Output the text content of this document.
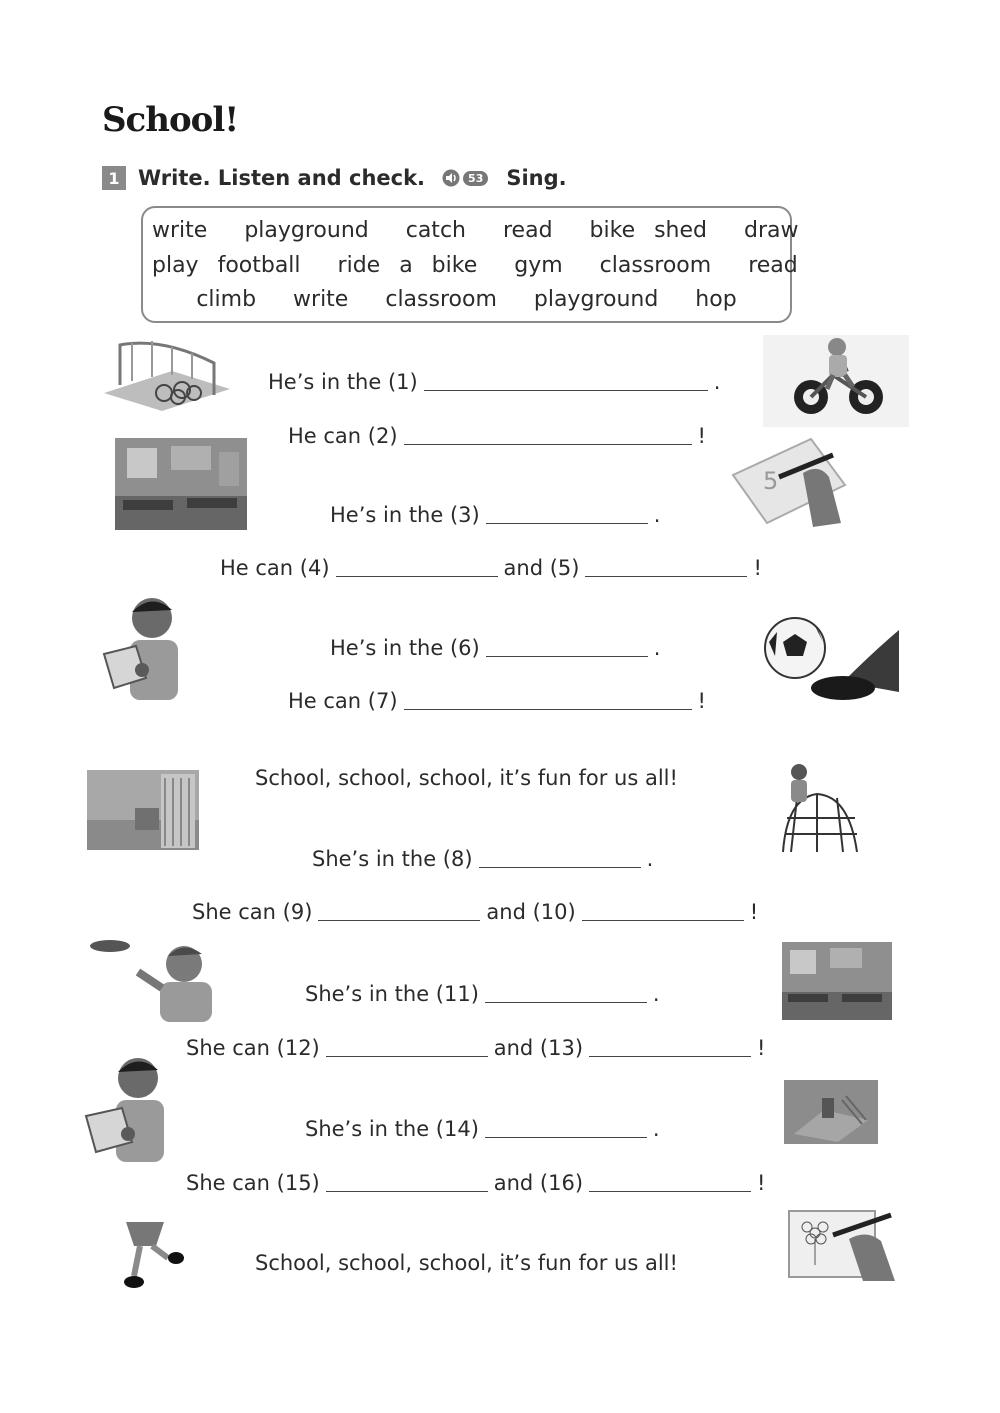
School!
1 Write. Listen and check.	53 Sing.
write playground catch read bike shed draw
play football ride a bike gym classroom read
climb write classroom playground hop
5
He’s in the (1)	.
He can (2)	!
He’s in the (3)	.
He can (4)	and (5)	!
He’s in the (6)	.
He can (7)	!
School, school, school, it’s fun for us all!
She’s in the (8)	.
She can (9)	and (10)	!
She’s in the (11)	.
She can (12)	and (13)	!
She’s in the (14)	.
She can (15)	and (16)	!
School, school, school, it’s fun for us all!
